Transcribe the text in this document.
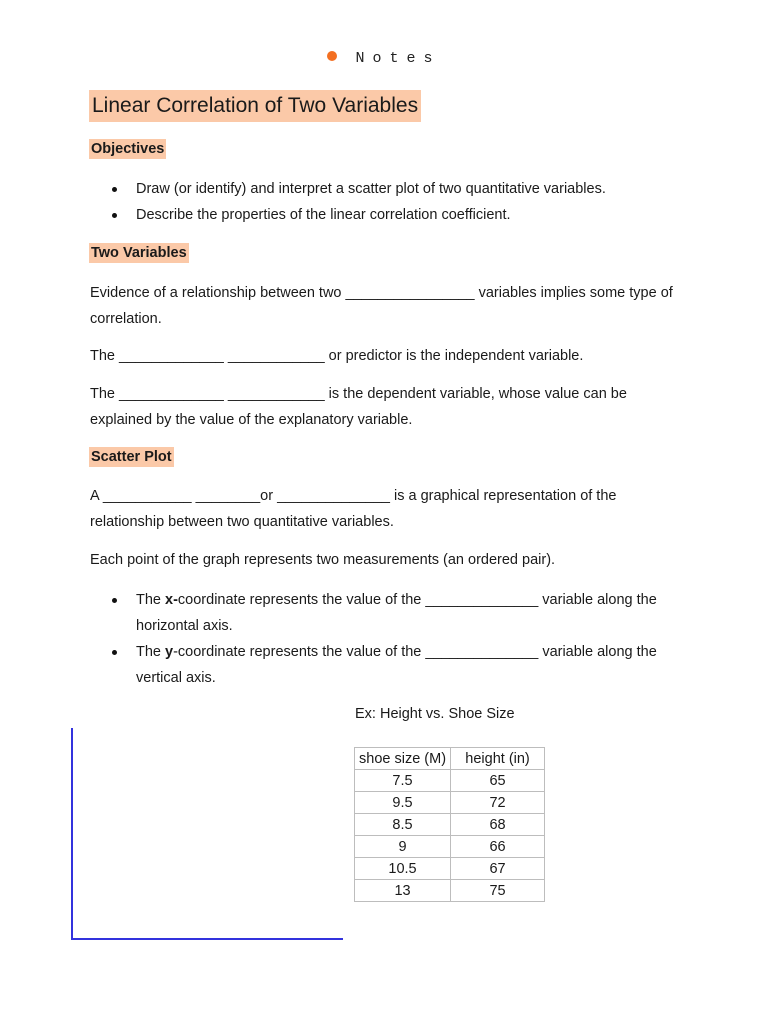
Notes
Linear Correlation of Two Variables
Objectives
Draw (or identify) and interpret a scatter plot of two quantitative variables.
Describe the properties of the linear correlation coefficient.
Two Variables

Evidence of a relationship between two ________________ variables implies some type of correlation.

The _____________ ____________ or predictor is the independent variable.

The _____________ ____________ is the dependent variable, whose value can be explained by the value of the explanatory variable.

Scatter Plot

A ___________ ________or ______________ is a graphical representation of the relationship between two quantitative variables.

Each point of the graph represents two measurements (an ordered pair).

The x-coordinate represents the value of the ______________ variable along the horizontal axis.
The y-coordinate represents the value of the ______________ variable along the vertical axis.

Ex: Height vs. Shoe Size

shoe size (M)	height (in)
7.5	65
9.5	72
8.5	68
9	66
10.5	67
13	75
